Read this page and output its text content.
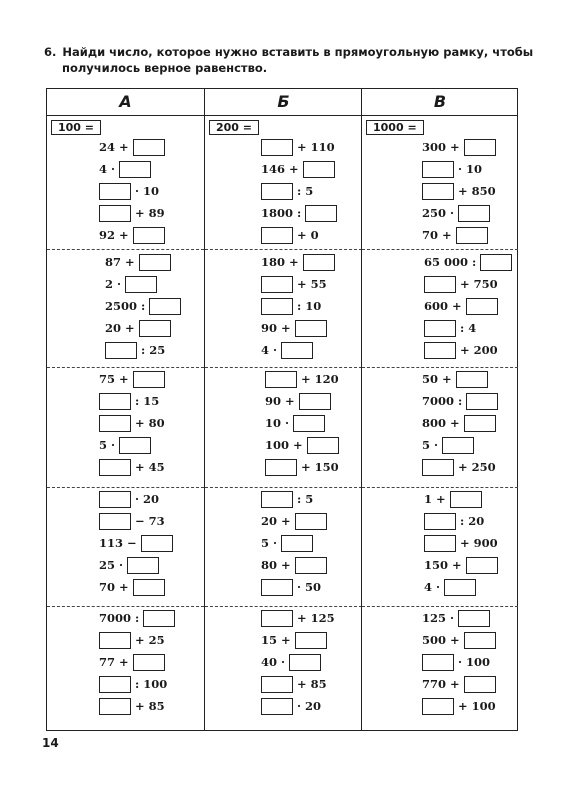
6. Найди число, которое нужно вставить в прямоугольную рамку, чтобы
получилось верное равенство.
А
100 =
24 +
4 ·
· 10
+ 89
92 +
87 +
2 ·
2500 :
20 +
: 25
75 +
: 15
+ 80
5 ·
+ 45
· 20
− 73
113 −
25 ·
70 +
7000 :
+ 25
77 +
: 100
+ 85
Б
200 =
+ 110
146 +
: 5
1800 :
+ 0
180 +
+ 55
: 10
90 +
4 ·
+ 120
90 +
10 ·
100 +
+ 150
: 5
20 +
5 ·
80 +
· 50
+ 125
15 +
40 ·
+ 85
· 20
В
1000 =
300 +
· 10
+ 850
250 ·
70 +
65 000 :
+ 750
600 +
: 4
+ 200
50 +
7000 :
800 +
5 ·
+ 250
1 +
: 20
+ 900
150 +
4 ·
125 ·
500 +
· 100
770 +
+ 100
14
